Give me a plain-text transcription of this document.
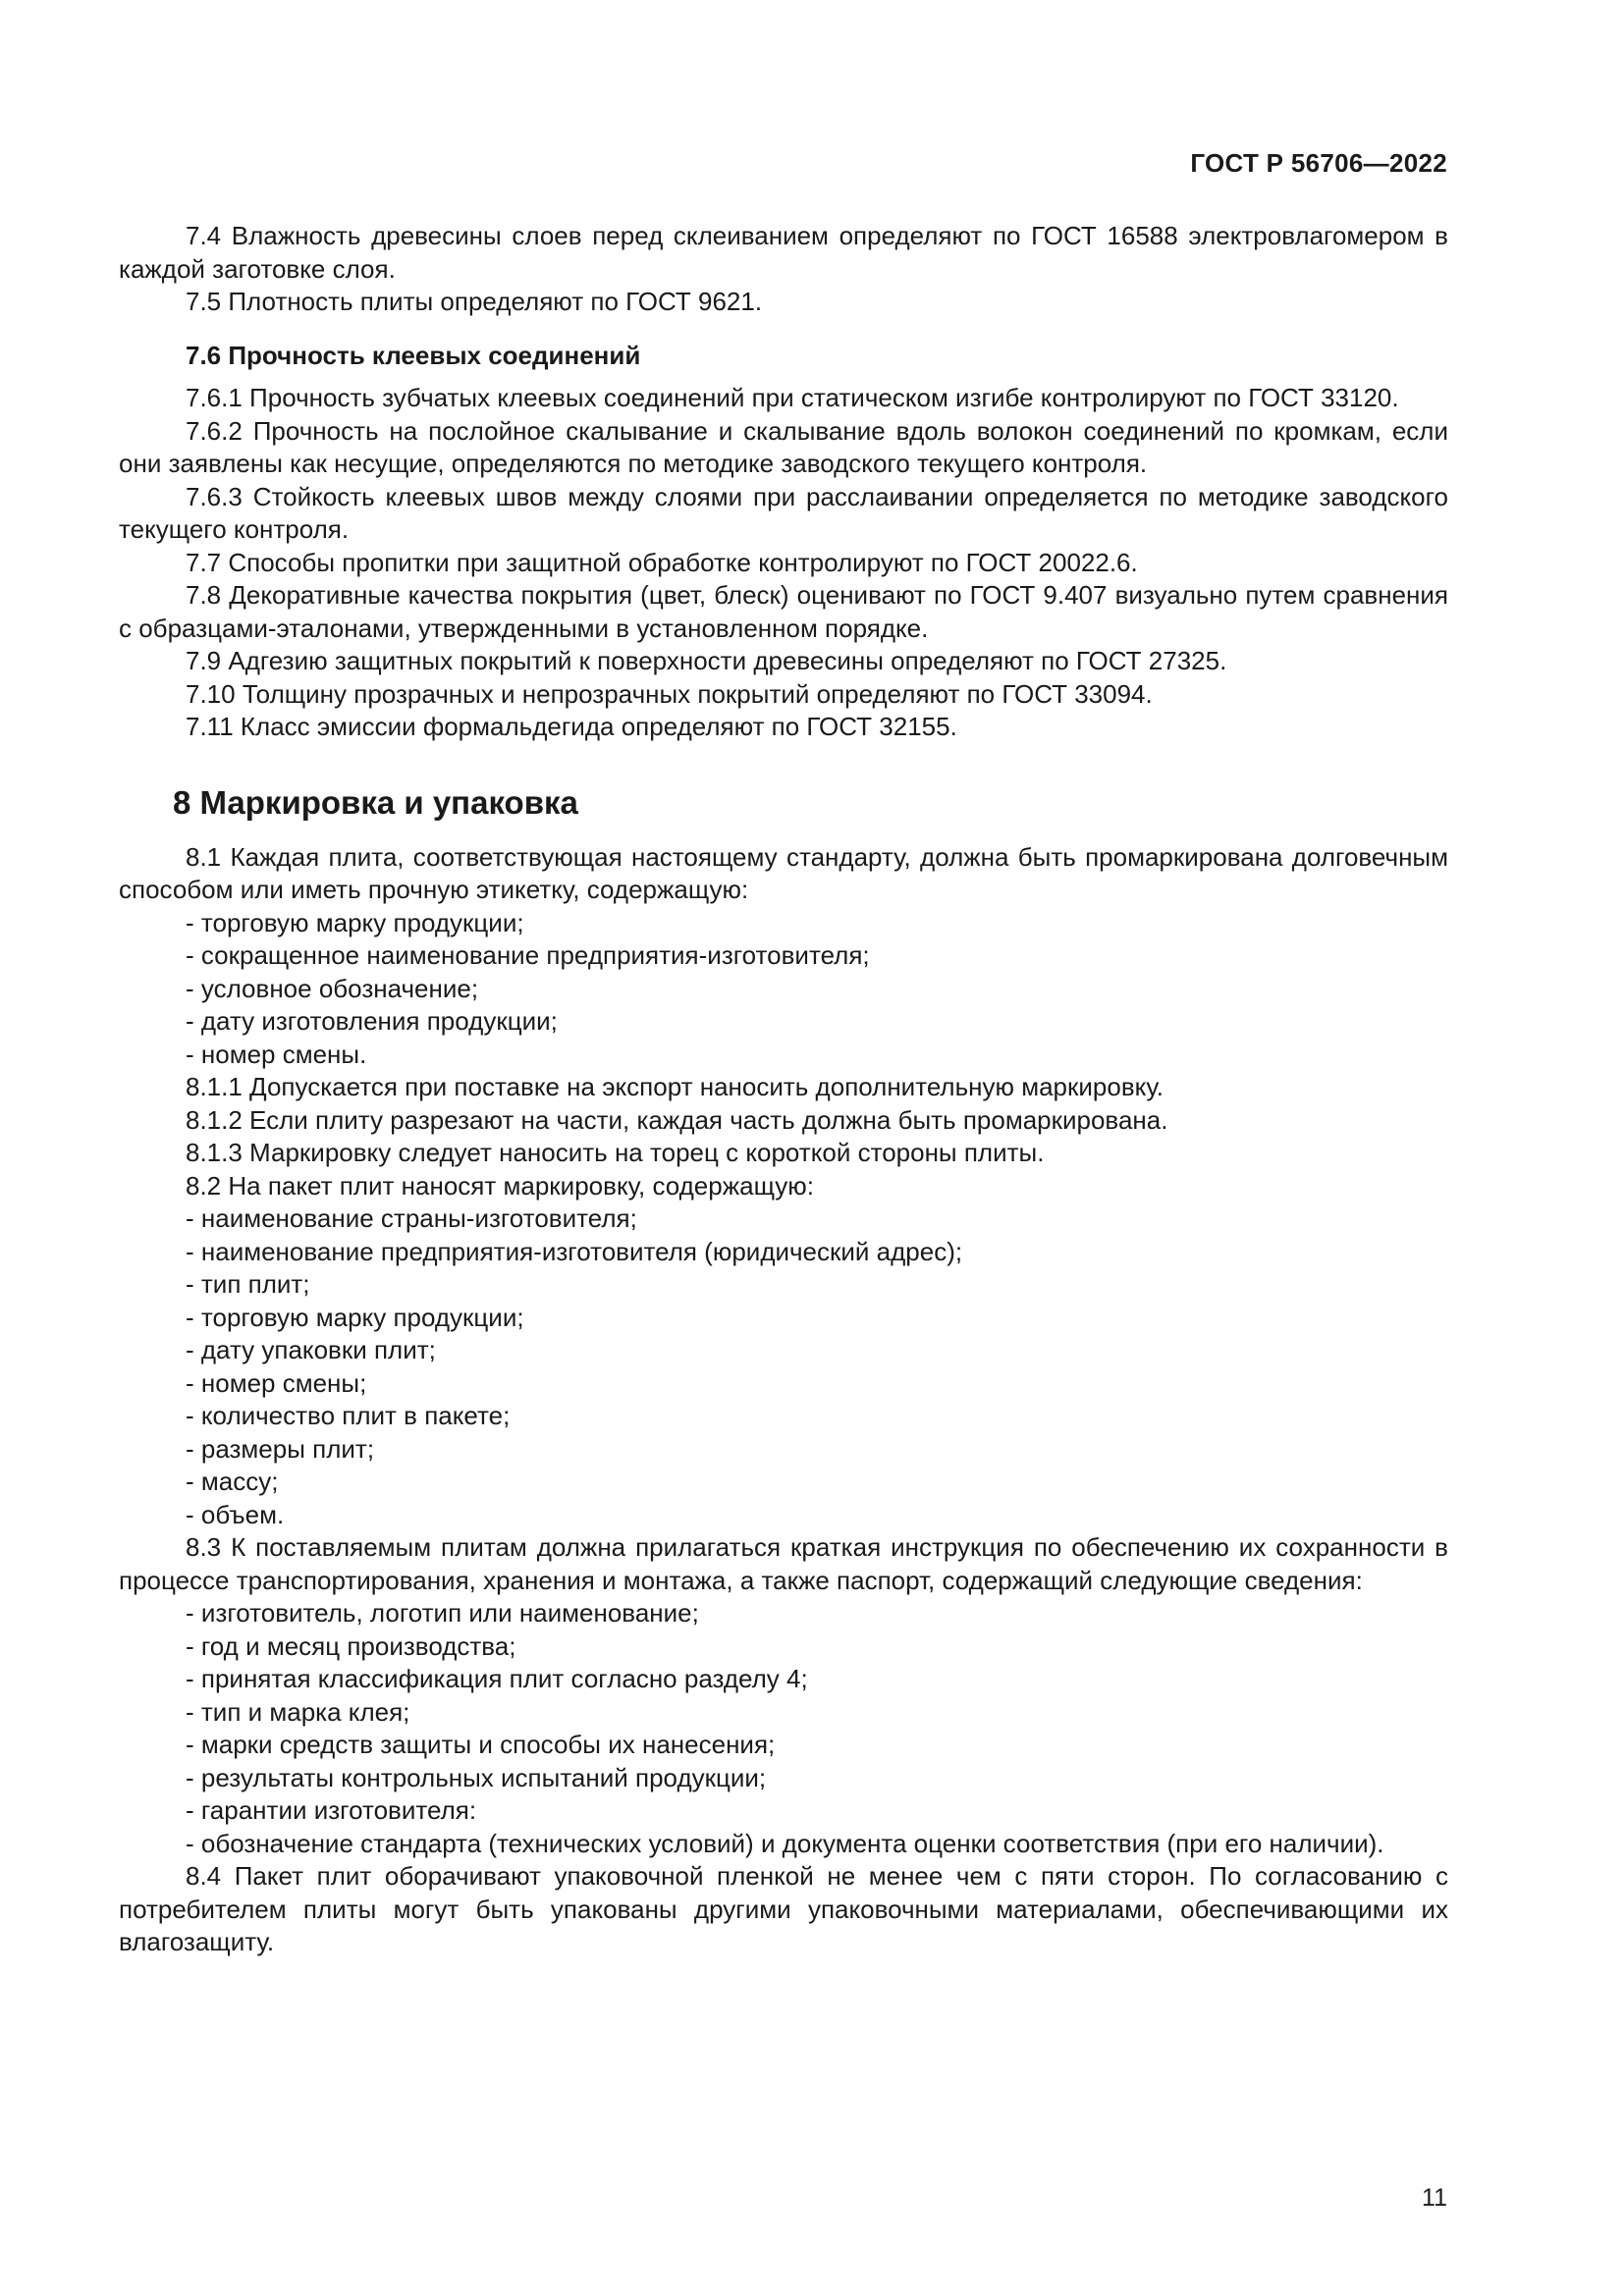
ГОСТ Р 56706—2022

7.4 Влажность древесины слоев перед склеиванием определяют по ГОСТ 16588 электровлагомером в каждой заготовке слоя.

7.5 Плотность плиты определяют по ГОСТ 9621.

7.6 Прочность клеевых соединений

7.6.1 Прочность зубчатых клеевых соединений при статическом изгибе контролируют по ГОСТ 33120.

7.6.2 Прочность на послойное скалывание и скалывание вдоль волокон соединений по кромкам, если они заявлены как несущие, определяются по методике заводского текущего контроля.

7.6.3 Стойкость клеевых швов между слоями при расслаивании определяется по методике заводского текущего контроля.

7.7 Способы пропитки при защитной обработке контролируют по ГОСТ 20022.6.

7.8 Декоративные качества покрытия (цвет, блеск) оценивают по ГОСТ 9.407 визуально путем сравнения с образцами-эталонами, утвержденными в установленном порядке.

7.9 Адгезию защитных покрытий к поверхности древесины определяют по ГОСТ 27325.

7.10 Толщину прозрачных и непрозрачных покрытий определяют по ГОСТ 33094.

7.11 Класс эмиссии формальдегида определяют по ГОСТ 32155.

8 Маркировка и упаковка

8.1 Каждая плита, соответствующая настоящему стандарту, должна быть промаркирована долговечным способом или иметь прочную этикетку, содержащую:

- торговую марку продукции;
- сокращенное наименование предприятия-изготовителя;
- условное обозначение;
- дату изготовления продукции;
- номер смены.

8.1.1 Допускается при поставке на экспорт наносить дополнительную маркировку.

8.1.2 Если плиту разрезают на части, каждая часть должна быть промаркирована.

8.1.3 Маркировку следует наносить на торец с короткой стороны плиты.

8.2 На пакет плит наносят маркировку, содержащую:

- наименование страны-изготовителя;
- наименование предприятия-изготовителя (юридический адрес);
- тип плит;
- торговую марку продукции;
- дату упаковки плит;
- номер смены;
- количество плит в пакете;
- размеры плит;
- массу;
- объем.

8.3 К поставляемым плитам должна прилагаться краткая инструкция по обеспечению их сохранности в процессе транспортирования, хранения и монтажа, а также паспорт, содержащий следующие сведения:

- изготовитель, логотип или наименование;
- год и месяц производства;
- принятая классификация плит согласно разделу 4;
- тип и марка клея;
- марки средств защиты и способы их нанесения;
- результаты контрольных испытаний продукции;
- гарантии изготовителя:
- обозначение стандарта (технических условий) и документа оценки соответствия (при его наличии).

8.4 Пакет плит оборачивают упаковочной пленкой не менее чем с пяти сторон. По согласованию с потребителем плиты могут быть упакованы другими упаковочными материалами, обеспечивающими их влагозащиту.

11
